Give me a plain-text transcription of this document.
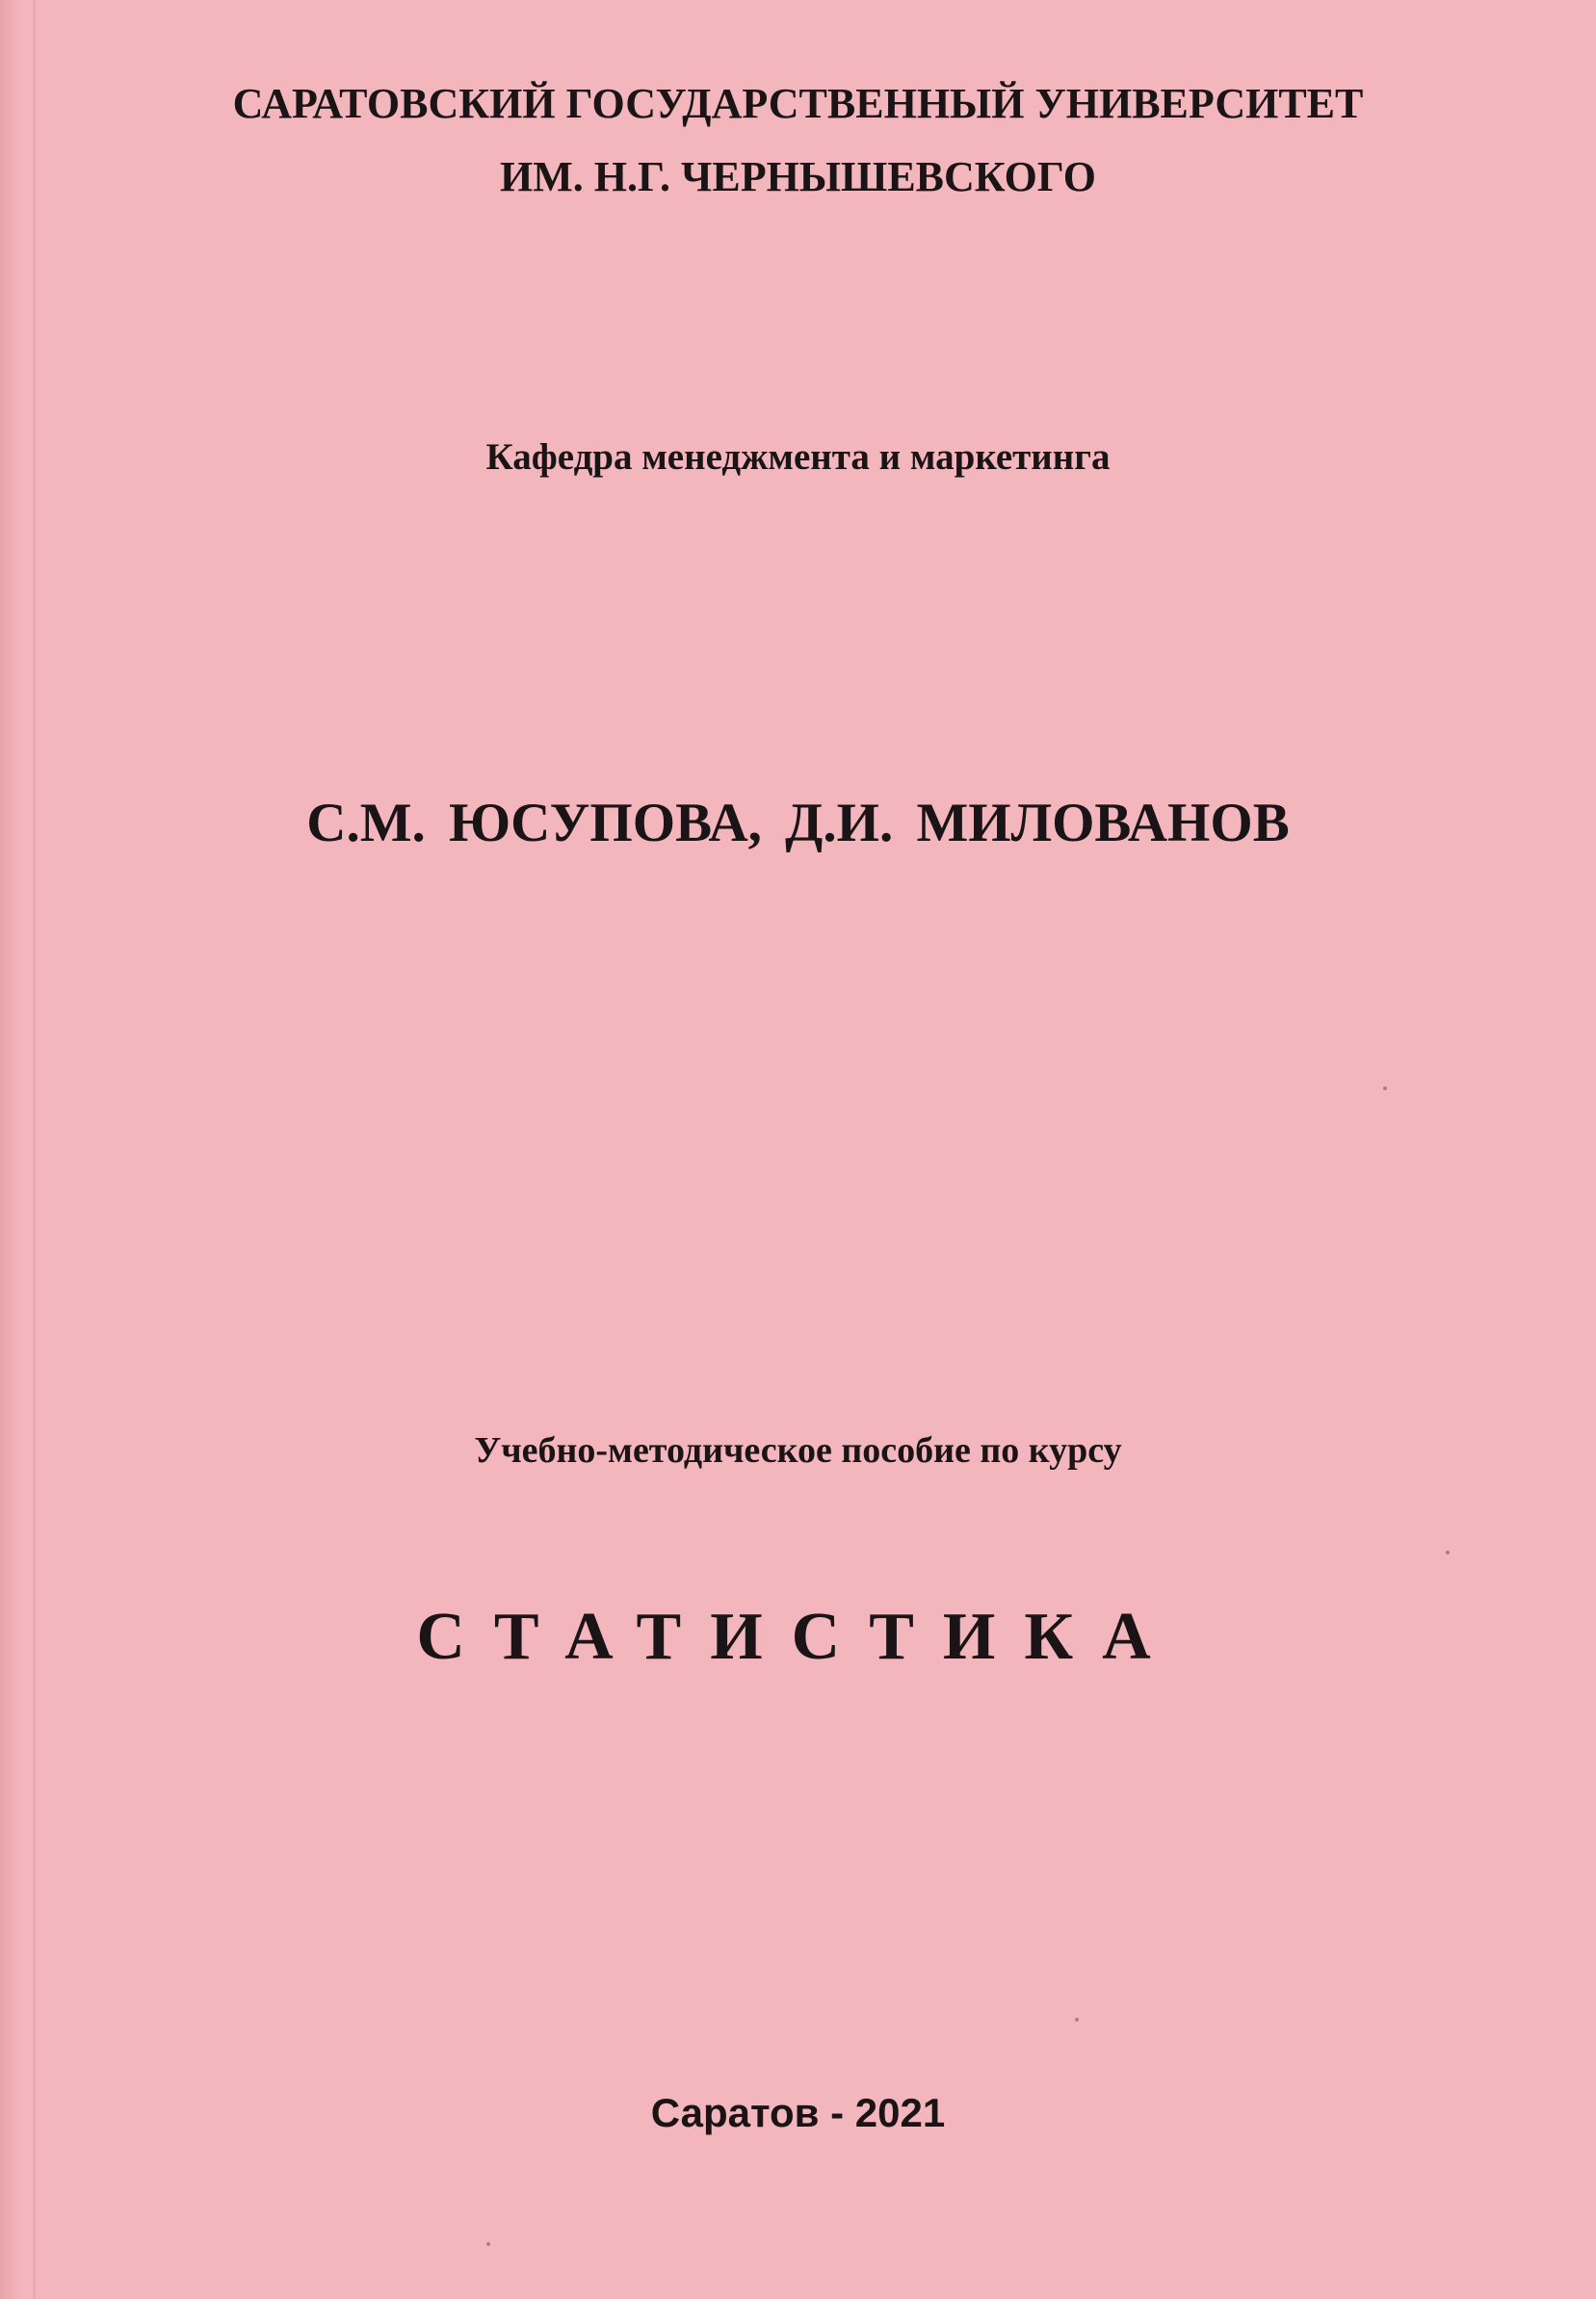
САРАТОВСКИЙ ГОСУДАРСТВЕННЫЙ УНИВЕРСИТЕТ
ИМ. Н.Г. ЧЕРНЫШЕВСКОГО
Кафедра менеджмента и маркетинга
С.М. ЮСУПОВА, Д.И. МИЛОВАНОВ
Учебно-методическое пособие по курсу
СТАТИСТИКА
Саратов - 2021
